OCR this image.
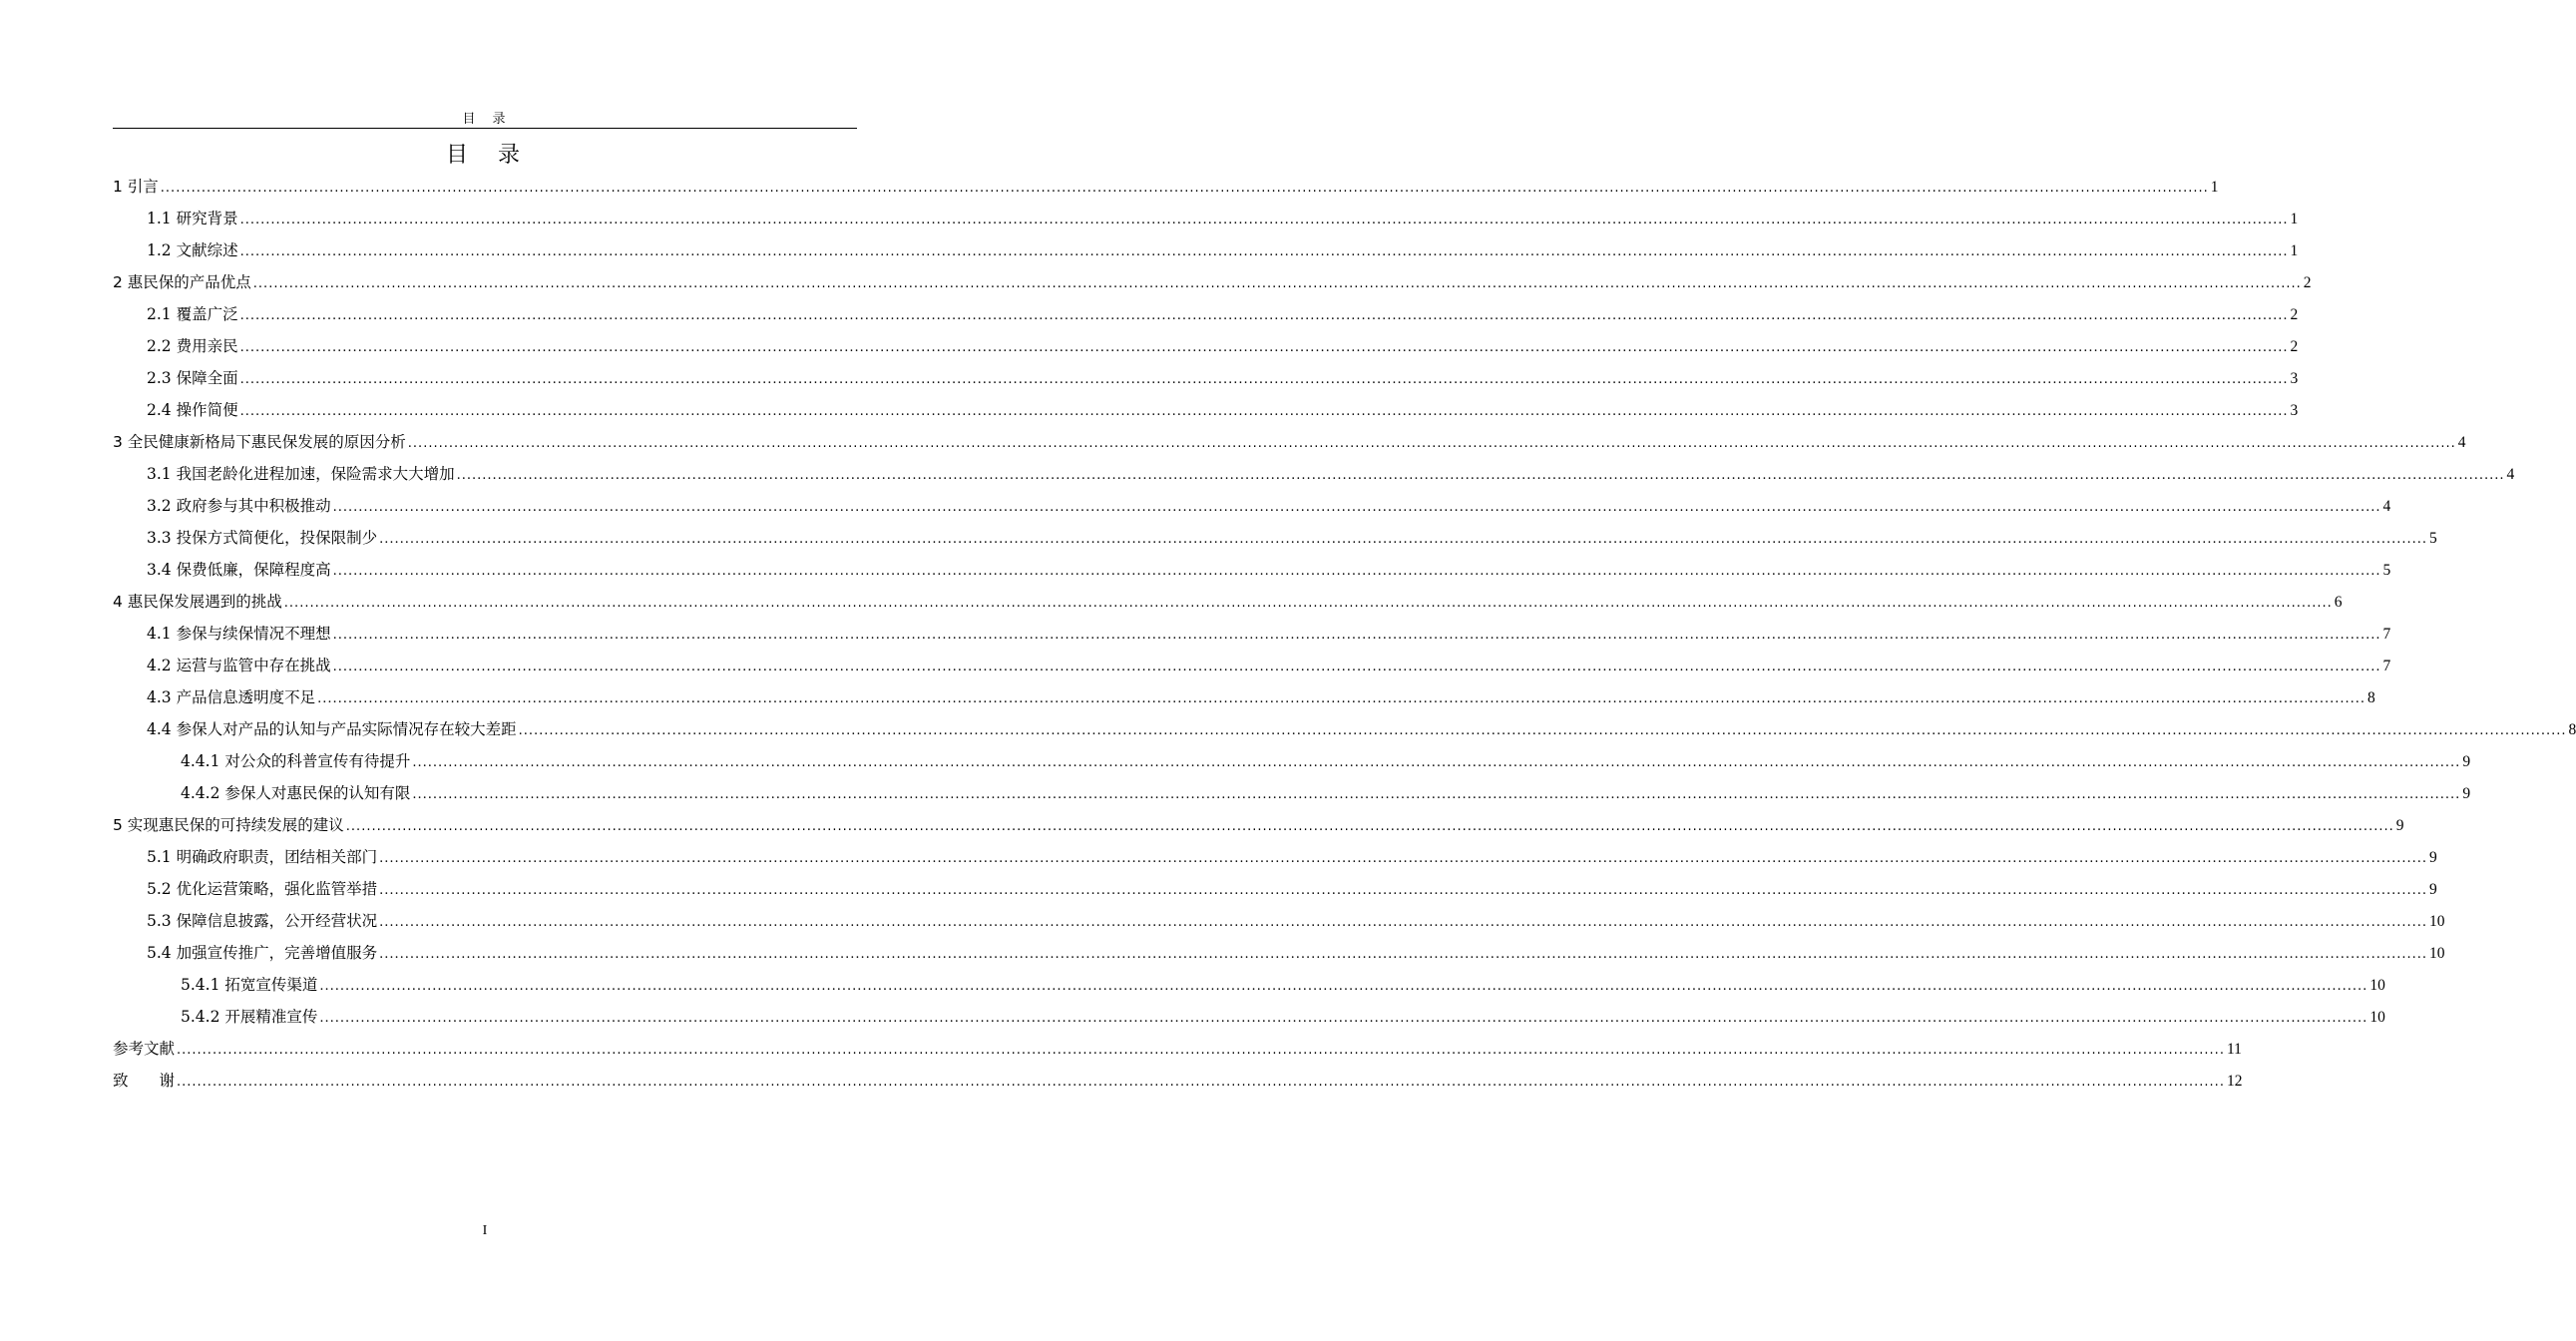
目　录
目　录
1 引言 ................................................................................................................................................................................................................................................................................................................................................................................................................ 1
1.1 研究背景 ................................................................................................................................................................................................................................................................................................................................................................................................................ 1
1.2 文献综述 ................................................................................................................................................................................................................................................................................................................................................................................................................ 1
2 惠民保的产品优点 ................................................................................................................................................................................................................................................................................................................................................................................................................ 2
2.1 覆盖广泛 ................................................................................................................................................................................................................................................................................................................................................................................................................ 2
2.2 费用亲民 ................................................................................................................................................................................................................................................................................................................................................................................................................ 2
2.3 保障全面 ................................................................................................................................................................................................................................................................................................................................................................................................................ 3
2.4 操作简便 ................................................................................................................................................................................................................................................................................................................................................................................................................ 3
3 全民健康新格局下惠民保发展的原因分析 ................................................................................................................................................................................................................................................................................................................................................................................................................ 4
3.1 我国老龄化进程加速，保险需求大大增加 ................................................................................................................................................................................................................................................................................................................................................................................................................ 4
3.2 政府参与其中积极推动 ................................................................................................................................................................................................................................................................................................................................................................................................................ 4
3.3 投保方式简便化，投保限制少 ................................................................................................................................................................................................................................................................................................................................................................................................................ 5
3.4 保费低廉，保障程度高 ................................................................................................................................................................................................................................................................................................................................................................................................................ 5
4 惠民保发展遇到的挑战 ................................................................................................................................................................................................................................................................................................................................................................................................................ 6
4.1 参保与续保情况不理想 ................................................................................................................................................................................................................................................................................................................................................................................................................ 7
4.2 运营与监管中存在挑战 ................................................................................................................................................................................................................................................................................................................................................................................................................ 7
4.3 产品信息透明度不足 ................................................................................................................................................................................................................................................................................................................................................................................................................ 8
4.4 参保人对产品的认知与产品实际情况存在较大差距 ................................................................................................................................................................................................................................................................................................................................................................................................................ 8
4.4.1 对公众的科普宣传有待提升 ................................................................................................................................................................................................................................................................................................................................................................................................................ 9
4.4.2 参保人对惠民保的认知有限 ................................................................................................................................................................................................................................................................................................................................................................................................................ 9
5 实现惠民保的可持续发展的建议 ................................................................................................................................................................................................................................................................................................................................................................................................................ 9
5.1 明确政府职责，团结相关部门 ................................................................................................................................................................................................................................................................................................................................................................................................................ 9
5.2 优化运营策略，强化监管举措 ................................................................................................................................................................................................................................................................................................................................................................................................................ 9
5.3 保障信息披露，公开经营状况 ................................................................................................................................................................................................................................................................................................................................................................................................................ 10
5.4 加强宣传推广，完善增值服务 ................................................................................................................................................................................................................................................................................................................................................................................................................ 10
5.4.1 拓宽宣传渠道 ................................................................................................................................................................................................................................................................................................................................................................................................................ 10
5.4.2 开展精准宣传 ................................................................................................................................................................................................................................................................................................................................................................................................................ 10
参考文献 ................................................................................................................................................................................................................................................................................................................................................................................................................ 11
致　　谢 ................................................................................................................................................................................................................................................................................................................................................................................................................ 12
I
